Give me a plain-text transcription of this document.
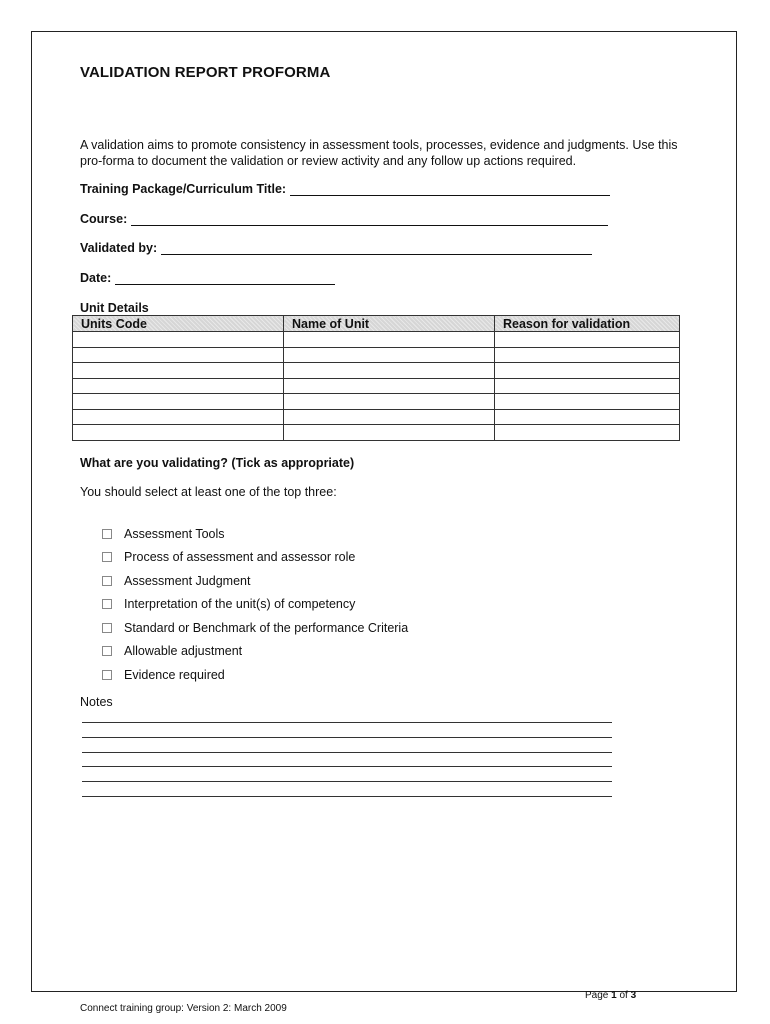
VALIDATION REPORT PROFORMA
A validation aims to promote consistency in assessment tools, processes, evidence and judgments. Use this pro-forma to document the validation or review activity and any follow up actions required.
Training Package/Curriculum Title:
Course:
Validated by:
Date:
Unit Details
Units Code	Name of Unit	Reason for validation

What are you validating? (Tick as appropriate)
You should select at least one of the top three:
Assessment Tools
Process of assessment and assessor role
Assessment Judgment
Interpretation of the unit(s) of competency
Standard or Benchmark of the performance Criteria
Allowable adjustment
Evidence required
Notes
Page 1 of 3
Connect training group: Version 2: March 2009
